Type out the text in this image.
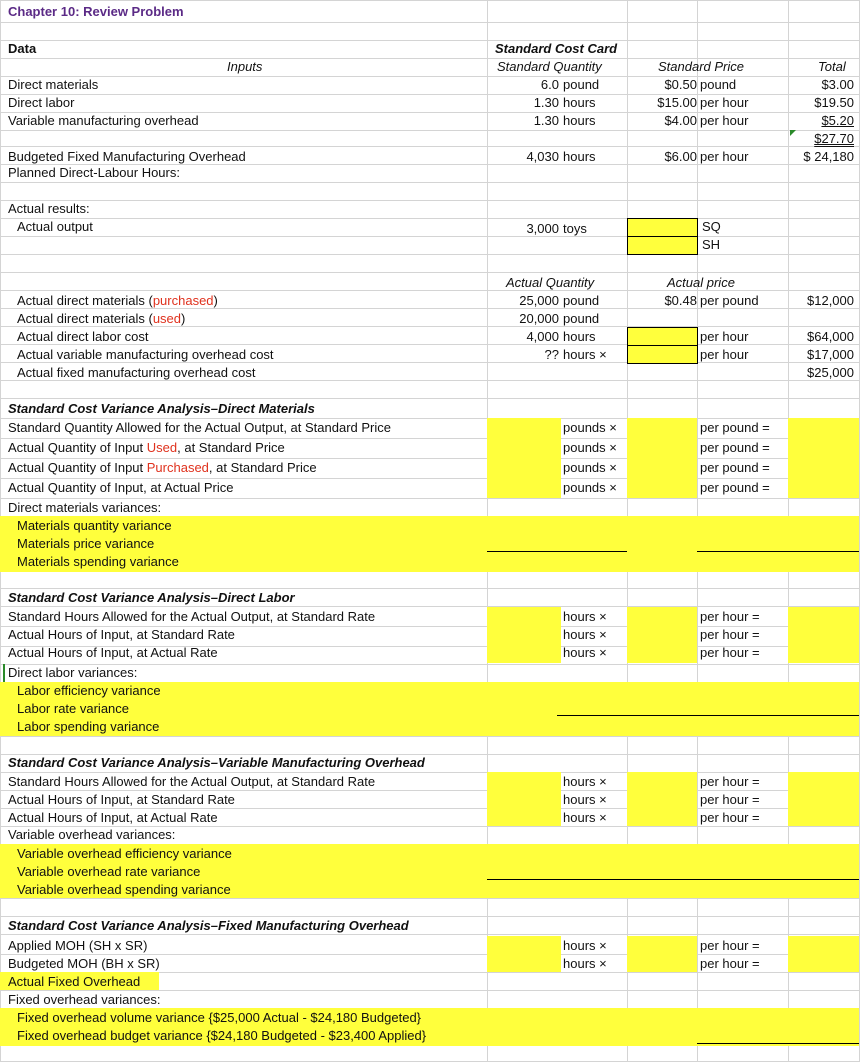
Chapter 10: Review Problem
Data	Standard Cost Card
Inputs	Standard Quantity	Standard Price	Total
Direct materials	6.0 pound	$0.50 pound	$3.00
Direct labor	1.30 hours	$15.00 per hour	$19.50
Variable manufacturing overhead	1.30 hours	$4.00 per hour	$5.20
$27.70
Budgeted Fixed Manufacturing Overhead	4,030 hours	$6.00 per hour	$ 24,180
Planned Direct-Labour Hours:
Actual results:
Actual output	3,000 toys	SQ
SH
Actual Quantity	Actual price
Actual direct materials (purchased)	25,000 pound	$0.48 per pound	$12,000
Actual direct materials (used)	20,000 pound
Actual direct labor cost	4,000 hours	per hour	$64,000
Actual variable manufacturing overhead cost	?? hours ×	per hour	$17,000
Actual fixed manufacturing overhead cost	$25,000
Standard Cost Variance Analysis–Direct Materials
Standard Quantity Allowed for the Actual Output, at Standard Price	pounds ×	per pound =
Actual Quantity of Input Used, at Standard Price	pounds ×	per pound =
Actual Quantity of Input Purchased, at Standard Price	pounds ×	per pound =
Actual Quantity of Input, at Actual Price	pounds ×	per pound =
Direct materials variances:
Materials quantity variance
Materials price variance
Materials spending variance
Standard Cost Variance Analysis–Direct Labor
Standard Hours Allowed for the Actual Output, at Standard Rate	hours ×	per hour =
Actual Hours of Input, at Standard Rate	hours ×	per hour =
Actual Hours of Input, at Actual Rate	hours ×	per hour =
Direct labor variances:
Labor efficiency variance
Labor rate variance
Labor spending variance
Standard Cost Variance Analysis–Variable Manufacturing Overhead
Standard Hours Allowed for the Actual Output, at Standard Rate	hours ×	per hour =
Actual Hours of Input, at Standard Rate	hours ×	per hour =
Actual Hours of Input, at Actual Rate	hours ×	per hour =
Variable overhead variances:
Variable overhead efficiency variance
Variable overhead rate variance
Variable overhead spending variance
Standard Cost Variance Analysis–Fixed Manufacturing Overhead
Applied MOH (SH x SR)	hours ×	per hour =
Budgeted MOH (BH x SR)	hours ×	per hour =
Actual Fixed Overhead
Fixed overhead variances:
Fixed overhead volume variance {$25,000 Actual - $24,180 Budgeted}
Fixed overhead budget variance {$24,180 Budgeted - $23,400 Applied}
